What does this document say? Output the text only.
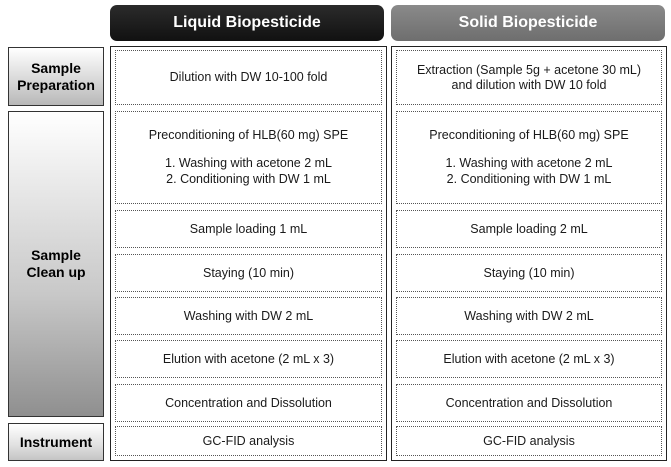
Liquid Biopesticide	Solid Biopesticide
Sample
Preparation
Sample
Clean up
Instrument
Dilution with DW 10-100 fold
Preconditioning of HLB(60 mg) SPE
1. Washing with acetone 2 mL
2. Conditioning with DW 1 mL
Sample loading 1 mL
Staying (10 min)
Washing with DW 2 mL
Elution with acetone (2 mL x 3)
Concentration and Dissolution
GC-FID analysis
Extraction (Sample 5g + acetone 30 mL)
and dilution with DW 10 fold
Preconditioning of HLB(60 mg) SPE
1. Washing with acetone 2 mL
2. Conditioning with DW 1 mL
Sample loading 2 mL
Staying (10 min)
Washing with DW 2 mL
Elution with acetone (2 mL x 3)
Concentration and Dissolution
GC-FID analysis
